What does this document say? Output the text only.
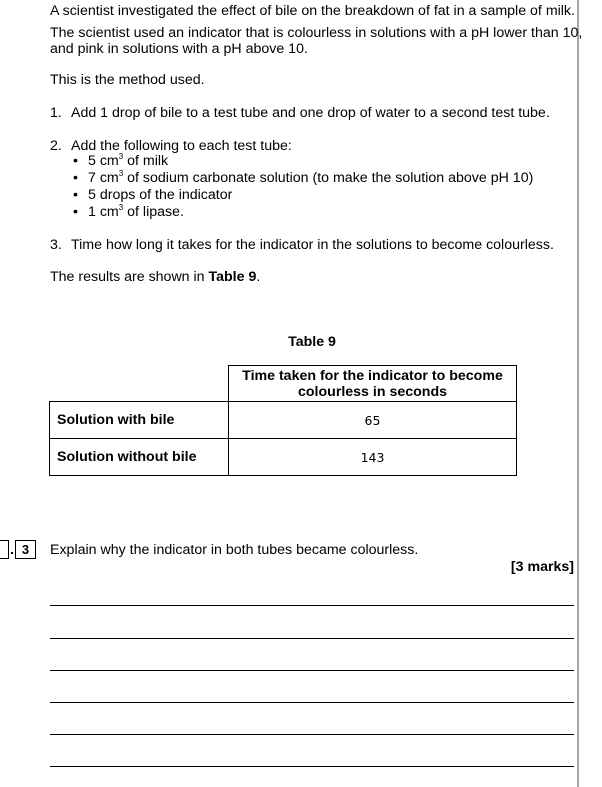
A scientist investigated the effect of bile on the breakdown of fat in a sample of milk.
The scientist used an indicator that is colourless in solutions with a pH lower than 10,
and pink in solutions with a pH above 10.
This is the method used.
1. Add 1 drop of bile to a test tube and one drop of water to a second test tube.
2. Add the following to each test tube:
• 5 $cm^3$ of milk
• 7 $cm^3$ of sodium carbonate solution (to make the solution above pH 10)
• 5 drops of the indicator
• 1 $cm^3$ of lipase.
3. Time how long it takes for the indicator in the solutions to become colourless.
The results are shown in Table 9.
Table 9

	Time taken for the indicator to become
colourless in seconds

Solution with bile	65
Solution without bile	143
. 3	Explain why the indicator in both tubes became colourless.
[3 marks]
